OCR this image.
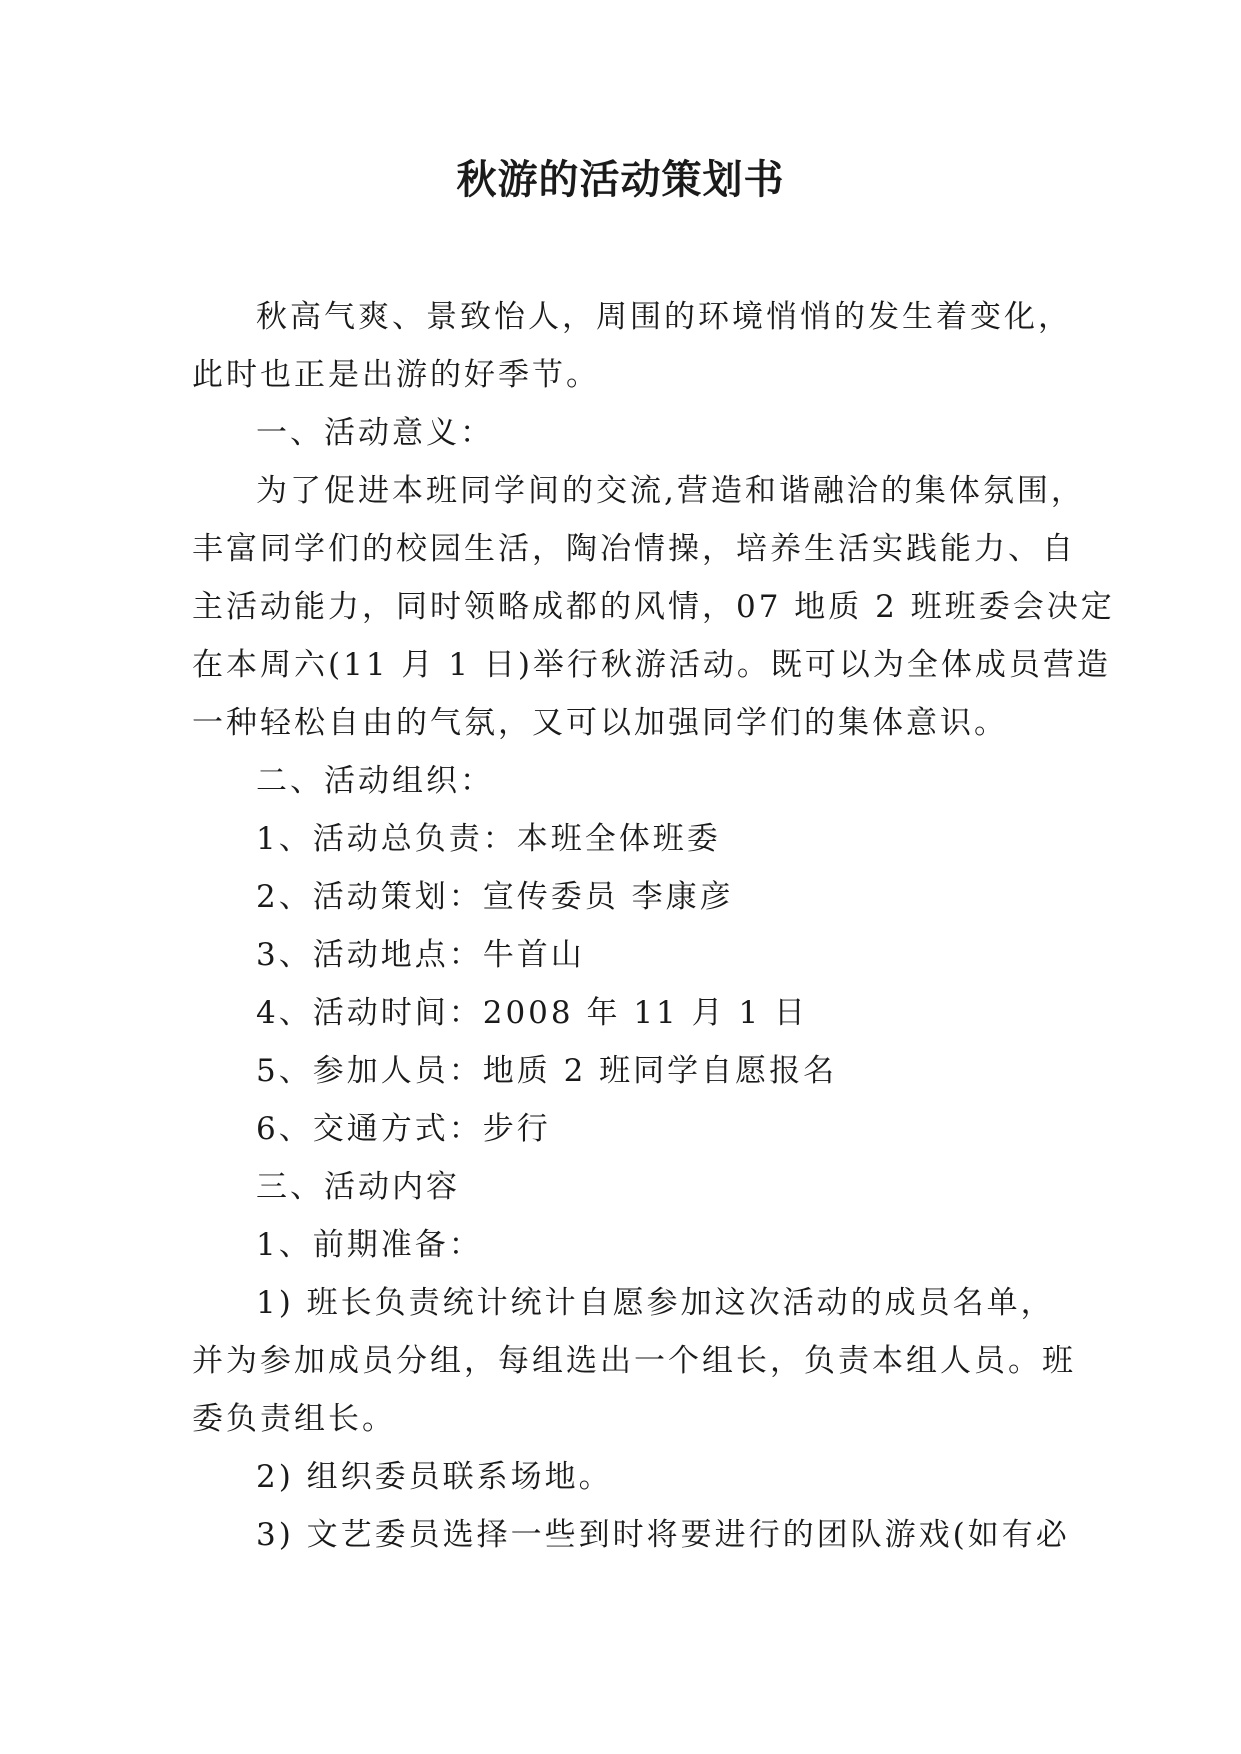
秋游的活动策划书

秋高气爽、景致怡人，周围的环境悄悄的发生着变化，
此时也正是出游的好季节。

一、活动意义：

为了促进本班同学间的交流,营造和谐融洽的集体氛围，
丰富同学们的校园生活，陶冶情操，培养生活实践能力、自
主活动能力，同时领略成都的风情，07 地质 2 班班委会决定
在本周六(11 月 1 日)举行秋游活动。既可以为全体成员营造
一种轻松自由的气氛，又可以加强同学们的集体意识。

二、活动组织：

1、活动总负责：本班全体班委

2、活动策划：宣传委员 李康彦

3、活动地点：牛首山

4、活动时间：2008 年 11 月 1 日

5、参加人员：地质 2 班同学自愿报名

6、交通方式：步行

三、活动内容

1、前期准备：

1) 班长负责统计统计自愿参加这次活动的成员名单，
并为参加成员分组，每组选出一个组长，负责本组人员。班
委负责组长。

2) 组织委员联系场地。

3) 文艺委员选择一些到时将要进行的团队游戏(如有必
